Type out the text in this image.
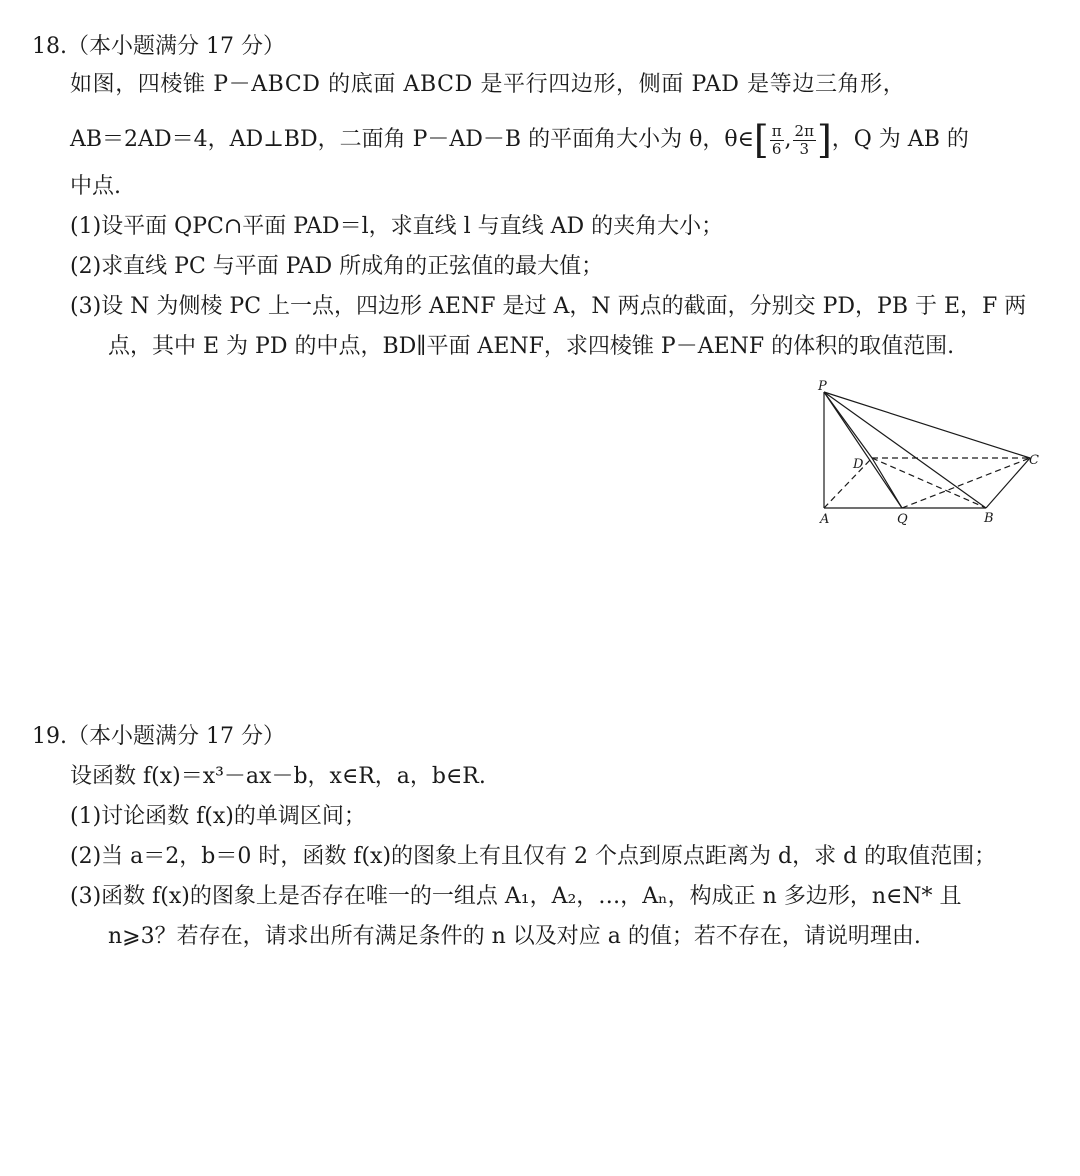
18.（本小题满分 17 分）
如图，四棱锥 P－ABCD 的底面 ABCD 是平行四边形，侧面 PAD 是等边三角形，
AB＝2AD＝4，AD⊥BD，二面角 P－AD－B 的平面角大小为 θ，θ∈ [ $\frac{\pi}{6}$ , $\frac{2\pi}{3}$ ] ，Q 为 AB 的
中点.
(1)设平面 QPC∩平面 PAD＝l，求直线 l 与直线 AD 的夹角大小；
(2)求直线 PC 与平面 PAD 所成角的正弦值的最大值；
(3)设 N 为侧棱 PC 上一点，四边形 AENF 是过 A，N 两点的截面，分别交 PD，PB 于 E，F 两
点，其中 E 为 PD 的中点，BD∥平面 AENF，求四棱锥 P－AENF 的体积的取值范围.
P
D	C
A	Q	B
19.（本小题满分 17 分）
设函数 f(x)＝x³－ax－b，x∈R，a，b∈R.
(1)讨论函数 f(x)的单调区间；
(2)当 a＝2，b＝0 时，函数 f(x)的图象上有且仅有 2 个点到原点距离为 d，求 d 的取值范围；
(3)函数 f(x)的图象上是否存在唯一的一组点 A₁，A₂，…，Aₙ，构成正 n 多边形，n∈N* 且
n⩾3？若存在，请求出所有满足条件的 n 以及对应 a 的值；若不存在，请说明理由.
